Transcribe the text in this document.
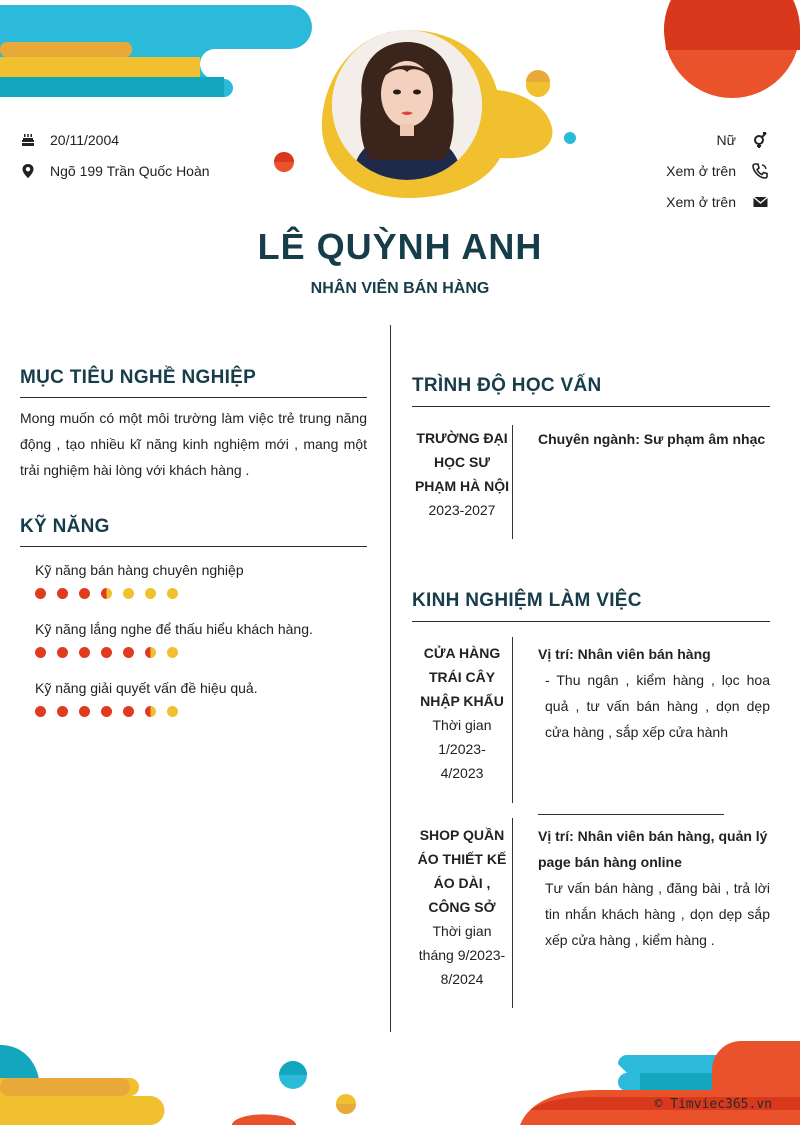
20/11/2004
Ngõ 199 Trần Quốc Hoàn
Nữ
Xem ở trên
Xem ở trên
LÊ QUỲNH ANH
NHÂN VIÊN BÁN HÀNG
MỤC TIÊU NGHỀ NGHIỆP
Mong muốn có một môi trường làm việc trẻ trung năng động , tạo nhiều kĩ năng kinh nghiệm mới , mang một trải nghiệm hài lòng với khách hàng .
KỸ NĂNG
Kỹ năng bán hàng chuyên nghiệp
Kỹ năng lắng nghe để thấu hiểu khách hàng.
Kỹ năng giải quyết vấn đề hiệu quả.
TRÌNH ĐỘ HỌC VẤN
TRƯỜNG ĐẠI
HỌC SƯ
PHẠM HÀ NỘI
2023-2027
Chuyên ngành: Sư phạm âm nhạc
KINH NGHIỆM LÀM VIỆC
CỬA HÀNG
TRÁI CÂY
NHẬP KHẨU
Thời gian
1/2023-
4/2023
Vị trí: Nhân viên bán hàng
- Thu ngân , kiểm hàng , lọc hoa quả , tư vấn bán hàng , dọn dẹp cửa hàng , sắp xếp cửa hành
SHOP QUẦN
ÁO THIẾT KẾ
ÁO DÀI ,
CÔNG SỞ
Thời gian
tháng 9/2023-
8/2024
Vị trí: Nhân viên bán hàng, quản lý page bán hàng online
Tư vấn bán hàng , đăng bài , trả lời tin nhắn khách hàng , dọn dẹp sắp xếp cửa hàng , kiểm hàng .
© Timviec365.vn
